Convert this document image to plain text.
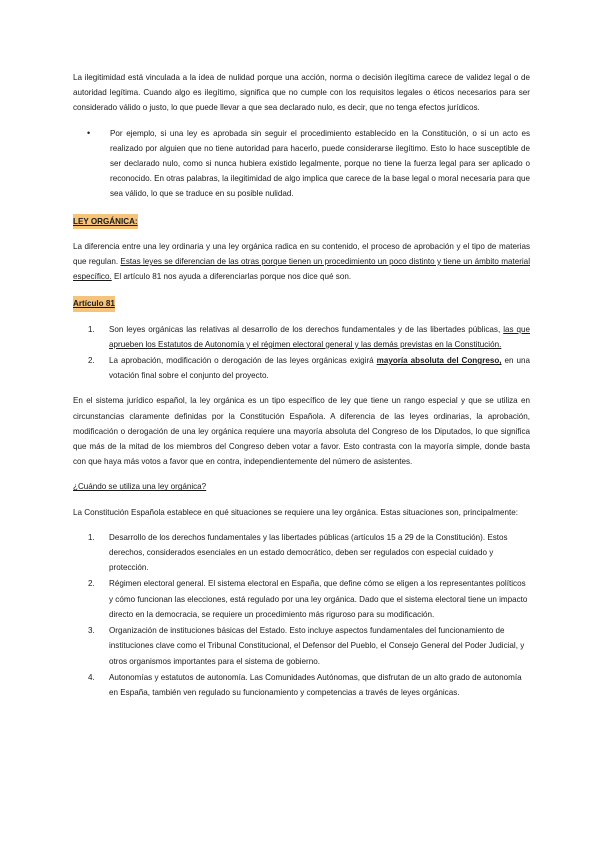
La ilegitimidad está vinculada a la idea de nulidad porque una acción, norma o decisión ilegítima carece de validez legal o de autoridad legítima. Cuando algo es ilegítimo, significa que no cumple con los requisitos legales o éticos necesarios para ser considerado válido o justo, lo que puede llevar a que sea declarado nulo, es decir, que no tenga efectos jurídicos.

• Por ejemplo, si una ley es aprobada sin seguir el procedimiento establecido en la Constitución, o si un acto es realizado por alguien que no tiene autoridad para hacerlo, puede considerarse ilegítimo. Esto lo hace susceptible de ser declarado nulo, como si nunca hubiera existido legalmente, porque no tiene la fuerza legal para ser aplicado o reconocido. En otras palabras, la ilegitimidad de algo implica que carece de la base legal o moral necesaria para que sea válido, lo que se traduce en su posible nulidad.
LEY ORGÁNICA:

La diferencia entre una ley ordinaria y una ley orgánica radica en su contenido, el proceso de aprobación y el tipo de materias que regulan. Estas leyes se diferencian de las otras porque tienen un procedimiento un poco distinto y tiene un ámbito material específico. El artículo 81 nos ayuda a diferenciarlas porque nos dice qué son.

Artículo 81
1. Son leyes orgánicas las relativas al desarrollo de los derechos fundamentales y de las libertades públicas, las que aprueben los Estatutos de Autonomía y el régimen electoral general y las demás previstas en la Constitución.
2. La aprobación, modificación o derogación de las leyes orgánicas exigirá mayoría absoluta del Congreso, en una votación final sobre el conjunto del proyecto.

En el sistema jurídico español, la ley orgánica es un tipo específico de ley que tiene un rango especial y que se utiliza en circunstancias claramente definidas por la Constitución Española. A diferencia de las leyes ordinarias, la aprobación, modificación o derogación de una ley orgánica requiere una mayoría absoluta del Congreso de los Diputados, lo que significa que más de la mitad de los miembros del Congreso deben votar a favor. Esto contrasta con la mayoría simple, donde basta con que haya más votos a favor que en contra, independientemente del número de asistentes.

¿Cuándo se utiliza una ley orgánica?

La Constitución Española establece en qué situaciones se requiere una ley orgánica. Estas situaciones son, principalmente:

1. Desarrollo de los derechos fundamentales y las libertades públicas (artículos 15 a 29 de la Constitución). Estos derechos, considerados esenciales en un estado democrático, deben ser regulados con especial cuidado y protección.
2. Régimen electoral general. El sistema electoral en España, que define cómo se eligen a los representantes políticos y cómo funcionan las elecciones, está regulado por una ley orgánica. Dado que el sistema electoral tiene un impacto directo en la democracia, se requiere un procedimiento más riguroso para su modificación.
3. Organización de instituciones básicas del Estado. Esto incluye aspectos fundamentales del funcionamiento de instituciones clave como el Tribunal Constitucional, el Defensor del Pueblo, el Consejo General del Poder Judicial, y otros organismos importantes para el sistema de gobierno.
4. Autonomías y estatutos de autonomía. Las Comunidades Autónomas, que disfrutan de un alto grado de autonomía en España, también ven regulado su funcionamiento y competencias a través de leyes orgánicas.
